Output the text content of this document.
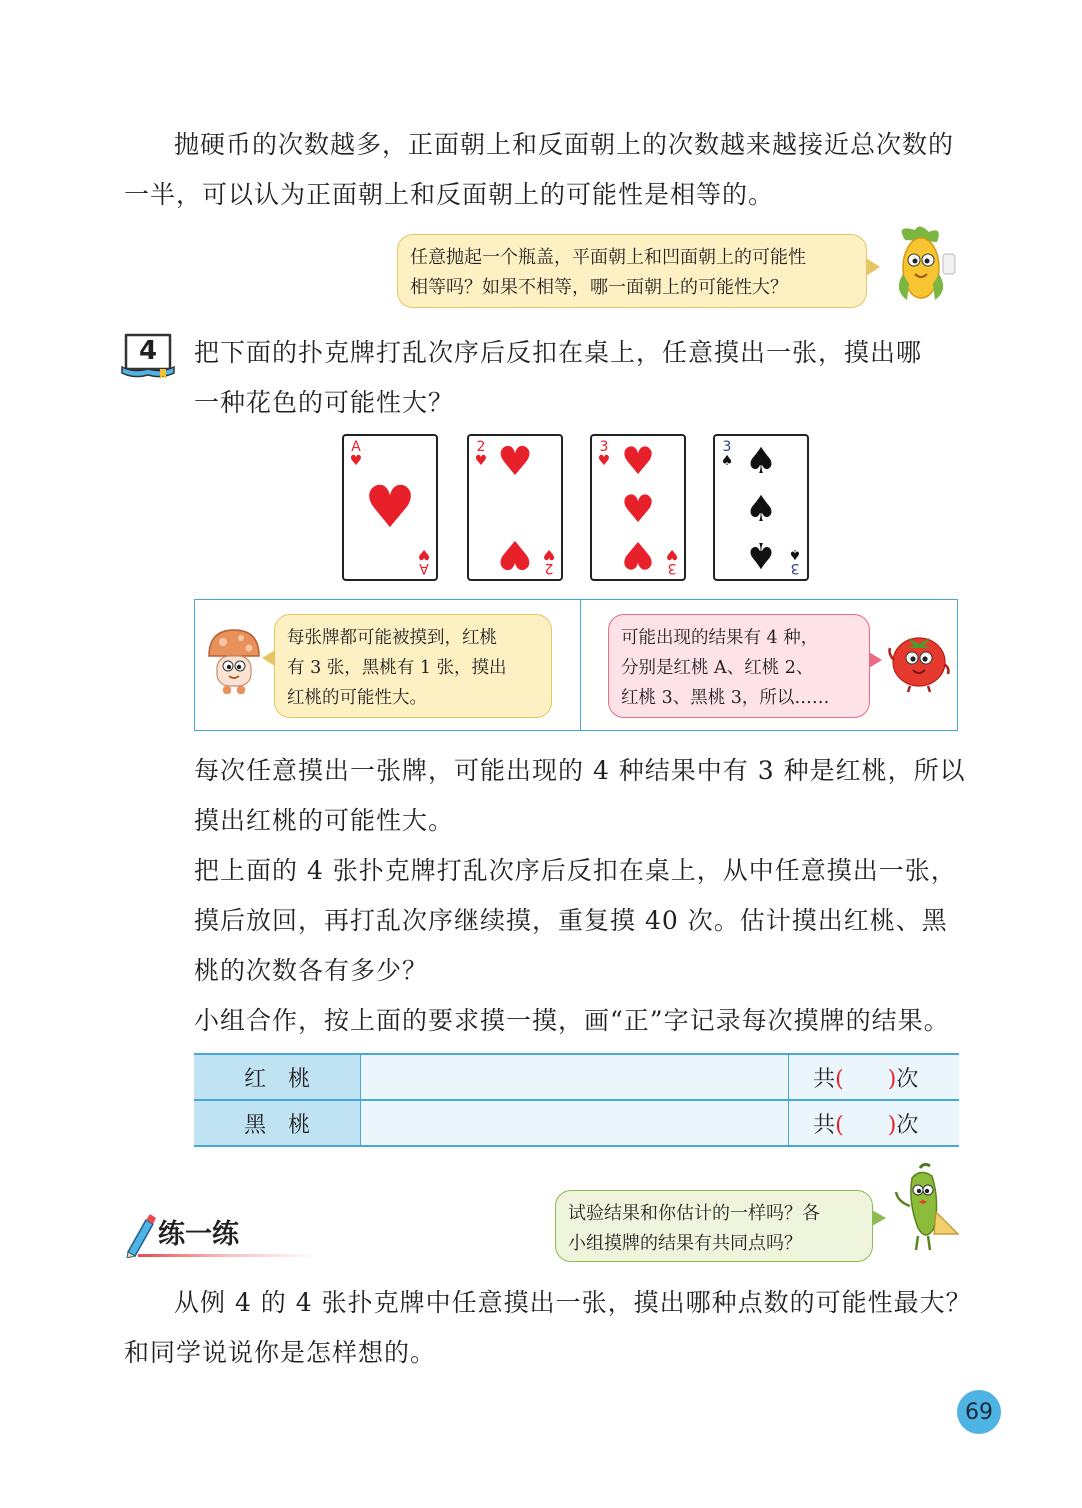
抛硬币的次数越多，正面朝上和反面朝上的次数越来越接近总次数的

一半，可以认为正面朝上和反面朝上的可能性是相等的。

任意抛起一个瓶盖，平面朝上和凹面朝上的可能性
相等吗？如果不相等，哪一面朝上的可能性大？
4	把下面的扑克牌打乱次序后反扣在桌上，任意摸出一张，摸出哪

一种花色的可能性大？

A
♥
♥
A
♥
2
♥ ♥
♥ 2
♥
3
♥ ♥
♥
♥ 3
♥
3
♠ ♠
♠
♠ 3
♠
每张牌都可能被摸到，红桃
有 3 张，黑桃有 1 张，摸出
红桃的可能性大。
可能出现的结果有 4 种，
分别是红桃 A、红桃 2、
红桃 3、黑桃 3，所以……

每次任意摸出一张牌，可能出现的 4 种结果中有 3 种是红桃，所以

摸出红桃的可能性大。

把上面的 4 张扑克牌打乱次序后反扣在桌上，从中任意摸出一张，

摸后放回，再打乱次序继续摸，重复摸 40 次。估计摸出红桃、黑

桃的次数各有多少？

小组合作，按上面的要求摸一摸，画“正”字记录每次摸牌的结果。

红　桃		共( )次
黑　桃		共( )次
试验结果和你估计的一样吗？各
小组摸牌的结果有共同点吗？
练一练

从例 4 的 4 张扑克牌中任意摸出一张，摸出哪种点数的可能性最大？

和同学说说你是怎样想的。

69
